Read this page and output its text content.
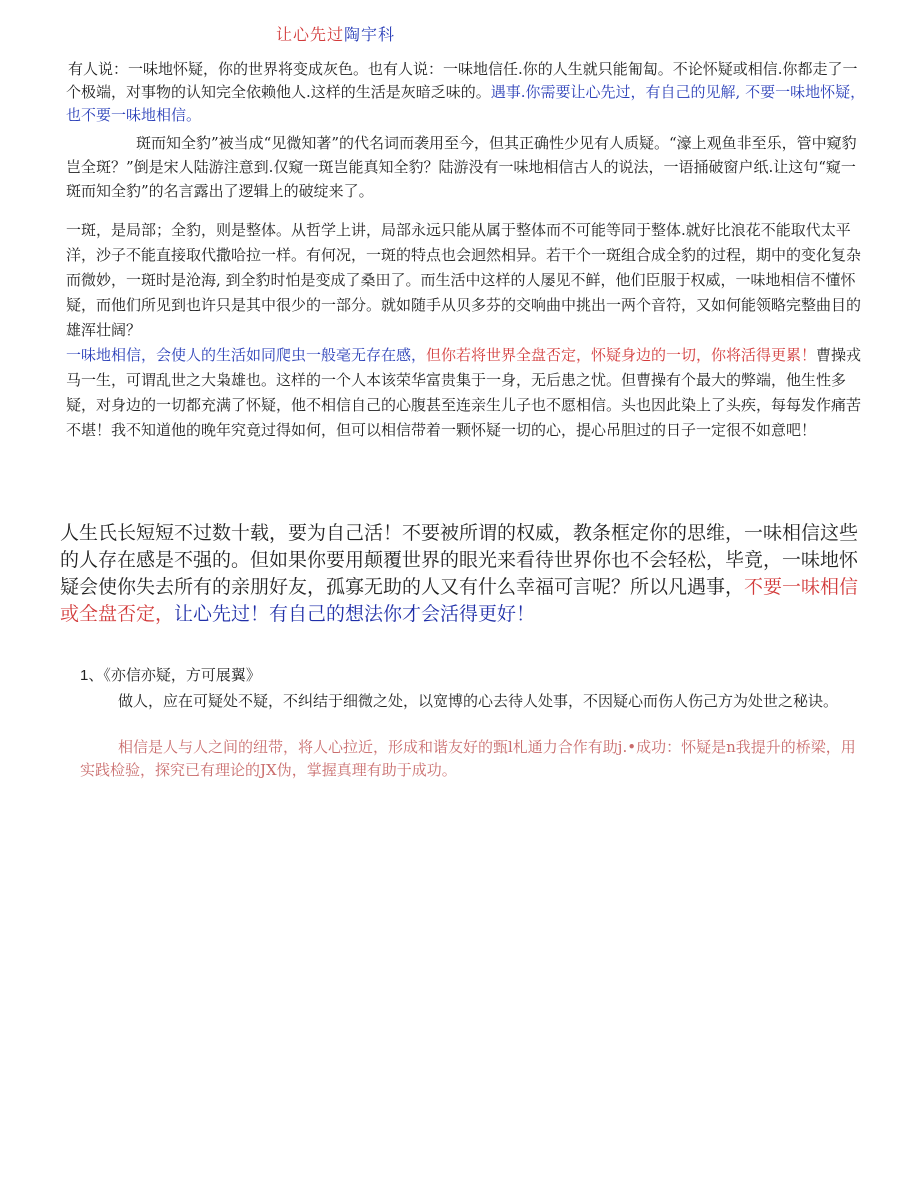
让心先过陶宇科

有人说：一味地怀疑，你的世界将变成灰色。也有人说：一味地信任.你的人生就只能匍匐。不论怀疑或相信.你都走了一个极端，对事物的认知完全依赖他人.这样的生活是灰暗乏味的。遇事.你需要让心先过，有自己的见解, 不要一味地怀疑，也不要一味地相信。

斑而知全豹”被当成“见微知著”的代名词而袭用至今，但其正确性少见有人质疑。“濠上观鱼非至乐，管中窥豹岂全斑？”倒是宋人陆游注意到.仅窥一斑岂能真知全豹？陆游没有一味地相信古人的说法，一语捅破窗户纸.让这句“窥一斑而知全豹”的名言露出了逻辑上的破绽来了。

一斑，是局部；全豹，则是整体。从哲学上讲，局部永远只能从属于整体而不可能等同于整体.就好比浪花不能取代太平洋，沙子不能直接取代撒哈拉一样。有何况，一斑的特点也会迥然相异。若干个一斑组合成全豹的过程，期中的变化复杂而微妙，一斑时是沧海, 到全豹时怕是变成了桑田了。而生活中这样的人屡见不鲜，他们臣服于权威，一味地相信不懂怀疑，而他们所见到也许只是其中很少的一部分。就如随手从贝多芬的交响曲中挑出一两个音符，又如何能领略完整曲目的雄浑壮阔？
一味地相信，会使人的生活如同爬虫一般毫无存在感，但你若将世界全盘否定，怀疑身边的一切，你将活得更累！曹操戎马一生，可谓乱世之大枭雄也。这样的一个人本该荣华富贵集于一身，无后患之忧。但曹操有个最大的弊端，他生性多疑，对身边的一切都充满了怀疑，他不相信自己的心腹甚至连亲生儿子也不愿相信。头也因此染上了头疾，每每发作痛苦不堪！我不知道他的晚年究竟过得如何，但可以相信带着一颗怀疑一切的心，提心吊胆过的日子一定很不如意吧！

人生氏长短短不过数十载，要为自己活！不要被所谓的权威，教条框定你的思维，一味相信这些的人存在感是不强的。但如果你要用颠覆世界的眼光来看待世界你也不会轻松，毕竟，一味地怀疑会使你失去所有的亲朋好友，孤寡无助的人又有什么幸福可言呢？所以凡遇事，不要一味相信或全盘否定，让心先过！有自己的想法你才会活得更好！

1、《亦信亦疑，方可展翼》

做人，应在可疑处不疑，不纠结于细微之处，以宽博的心去待人处事，不因疑心而伤人伤己方为处世之秘诀。

相信是人与人之间的纽带，将人心拉近，形成和谐友好的甄l札通力合作有助j.•成功：怀疑是n我提升的桥梁，用实践检验，探究已有理论的JX伪，掌握真理有助于成功。
